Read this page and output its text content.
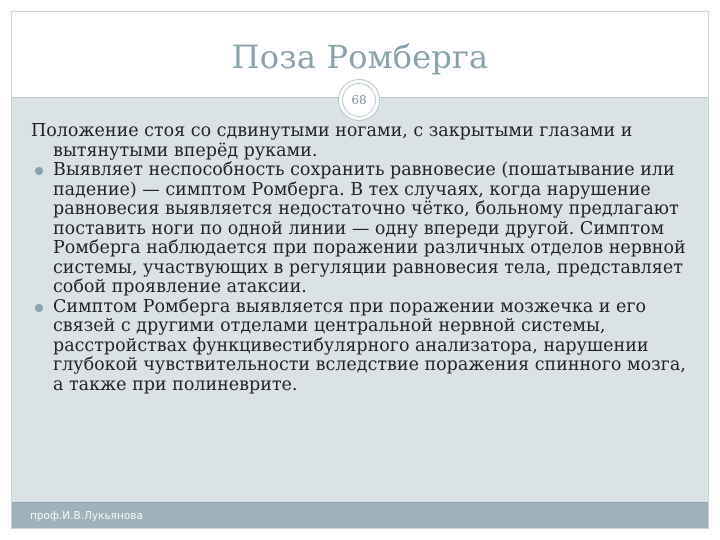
Поза Ромберга
68

Положение стоя со сдвинутыми ногами, с закрытыми глазами и вытянутыми вперёд руками.

Выявляет неспособность сохранить равновесие (пошатывание или падение) — симптом Ромберга. В тех случаях, когда нарушение равновесия выявляется недостаточно чётко, больному предлагают поставить ноги по одной линии — одну впереди другой. Симптом Ромберга наблюдается при поражении различных отделов нервной системы, участвующих в регуляции равновесия тела, представляет собой проявление атаксии.

Симптом Ромберга выявляется при поражении мозжечка и его связей с другими отделами центральной нервной системы, расстройствах функцивестибулярного анализатора, нарушении глубокой чувствительности вследствие поражения спинного мозга, а также при полиневрите.

проф.И.В.Лукьянова
